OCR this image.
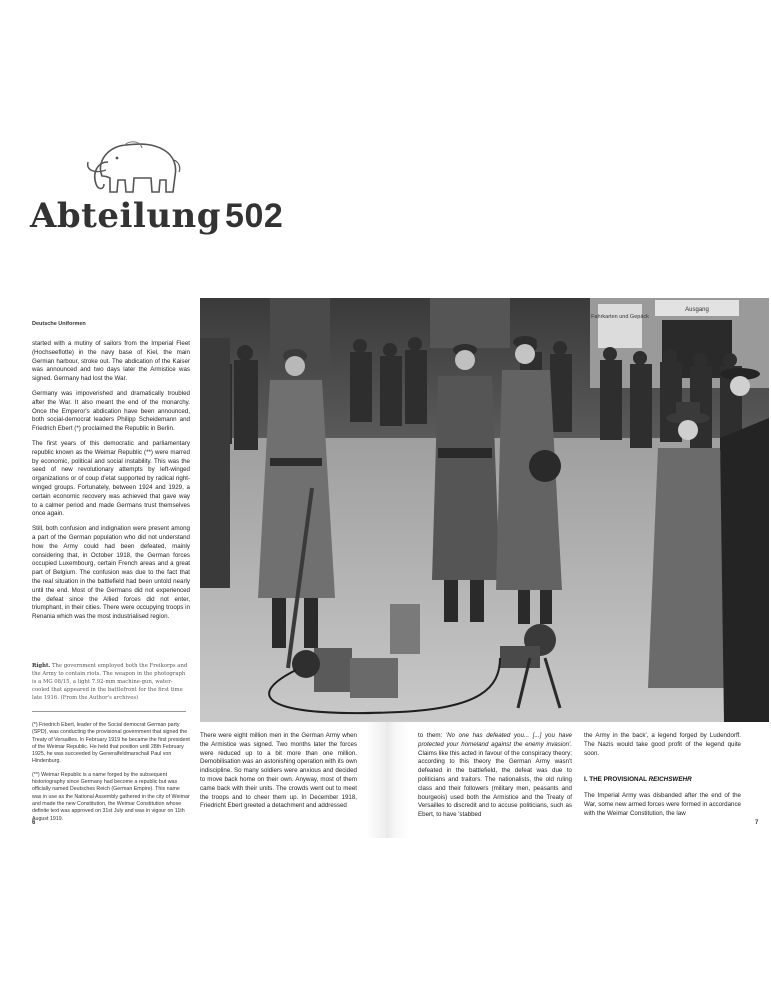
Abteilung 502
Deutsche Uniformen

started with a mutiny of sailors from the Imperial Fleet (Hochseeflotte) in the navy base of Kiel, the main German harbour, stroke out. The abdication of the Kaiser was announced and two days later the Armistice was signed. Germany had lost the War.

Germany was impoverished and dramatically troubled after the War. It also meant the end of the monarchy. Once the Emperor's abdication have been announced, both social-democrat leaders Philipp Scheidemann and Friedrich Ebert (*) proclaimed the Republic in Berlin.

The first years of this democratic and parliamentary republic known as the Weimar Republic (**) were marred by economic, political and social instability. This was the seed of new revolutionary attempts by left-winged organizations or of coup d'etat supported by radical right-winged groups. Fortunately, between 1924 and 1929, a certain economic recovery was achieved that gave way to a calmer period and made Germans trust themselves once again.

Still, both confusion and indignation were present among a part of the German population who did not understand how the Army could had been defeated, mainly considering that, in October 1918, the German forces occupied Luxembourg, certain French areas and a great part of Belgium. The confusion was due to the fact that the real situation in the battlefield had been untold nearly until the end. Most of the Germans did not experienced the defeat since the Allied forces did not enter, triumphant, in their cities. There were occupying troops in Renania which was the most industrialised region.

Right. The government employed both the Freikorps and the Army to contain riots. The weapon in the photograph is a MG 08/15, a light 7.92-mm machine-gun, water-cooled that appeared in the battlefront for the first time late 1916. (From the Author's archives)

(*) Friedrich Ebert, leader of the Social democrat German party (SPD), was conducting the provisional government that signed the Treaty of Versailles. In February 1919 he became the first president of the Weimar Republic. He held that position until 28th February 1925, he was succeeded by Generalfeldmarschall Paul von Hindenburg.

(**) Weimar Republic is a name forged by the subsequent historiography since Germany had become a republic but was officially named Deutsches Reich (German Empire). This name was in use as the National Assembly gathered in the city of Weimar and made the new Constitution, the Weimar Constitution whose definite text was approved on 31st July and was in vigour on 11th August 1919.

6	7
Fahrkarten und Gepäck
Ausgang
There were eight million men in the German Army when the Armistice was signed. Two months later the forces were reduced up to a bit more than one million. Demobilisation was an astonishing operation with its own indiscipline. So many soldiers were anxious and decided to move back home on their own. Anyway, most of them came back with their units. The crowds went out to meet the troops and to cheer them up. In December 1918, Friedricht Ebert greeted a detachment and addressed
to them: 'No one has defeated you... [...] you have protected your homeland against the enemy invasion'. Claims like this acted in favour of the conspiracy theory; according to this theory the German Army wasn't defeated in the battlefield, the defeat was due to politicians and traitors. The nationalists, the old ruling class and their followers (military men, peasants and bourgeois) used both the Armistice and the Treaty of Versailles to discredit and to accuse politicians, such as Ebert, to have 'stabbed
the Army in the back', a legend forged by Ludendorff. The Nazis would take good profit of the legend quite soon.
I. THE PROVISIONAL REICHSWEHR
The Imperial Army was disbanded after the end of the War, some new armed forces were formed in accordance with the Weimar Constitution, the law
